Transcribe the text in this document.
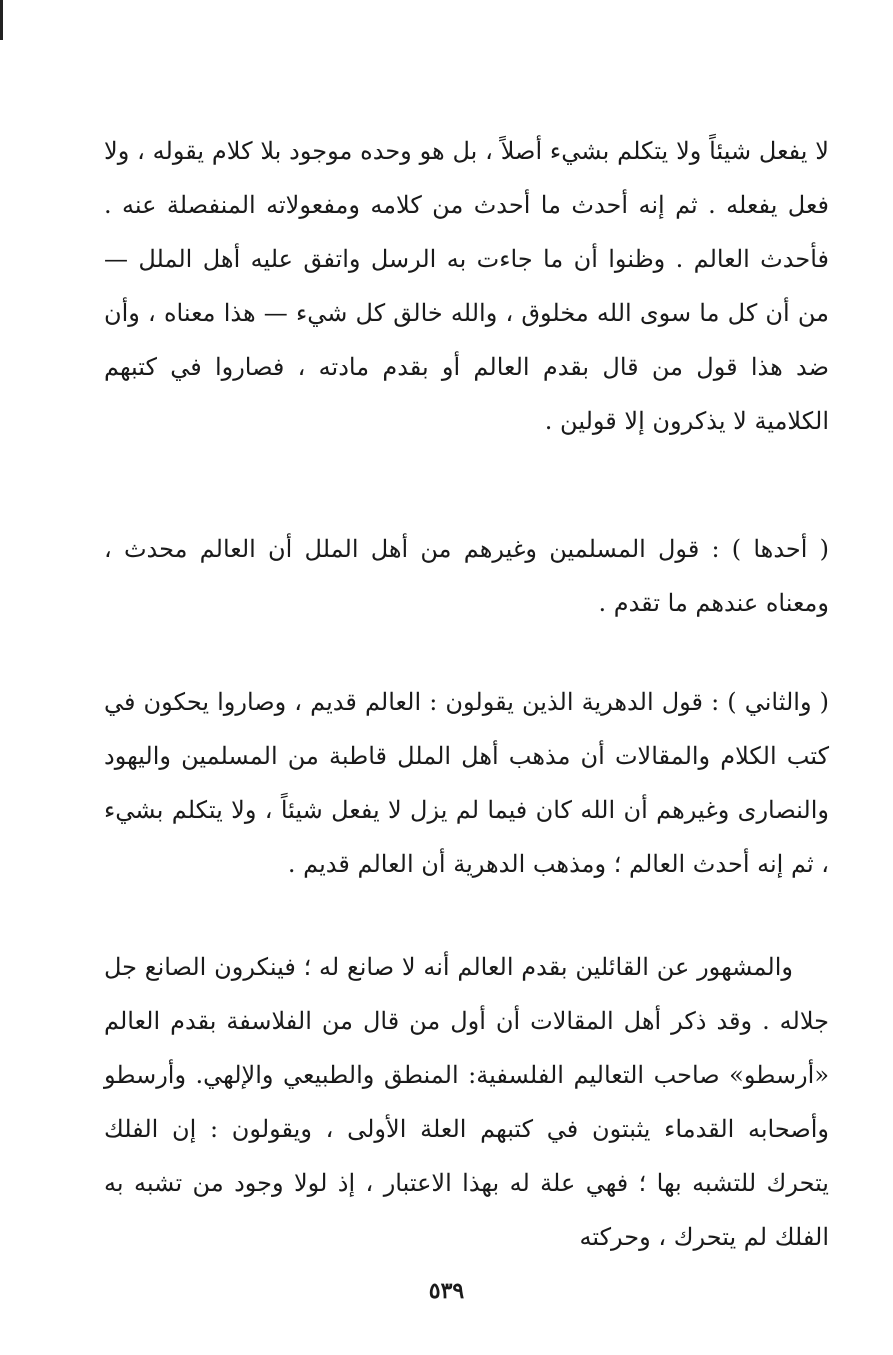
لا يفعل شيئاً ولا يتكلم بشيء أصلاً ، بل هو وحده موجود بلا كلام يقوله ، ولا فعل يفعله . ثم إنه أحدث ما أحدث من كلامه ومفعولاته المنفصلة عنه . فأحدث العالم . وظنوا أن ما جاءت به الرسل واتفق عليه أهل الملل — من أن كل ما سوى الله مخلوق ، والله خالق كل شيء — هذا معناه ، وأن ضد هذا قول من قال بقدم العالم أو بقدم مادته ، فصاروا في كتبهم الكلامية لا يذكرون إلا قولين .

( أحدها ) : قول المسلمين وغيرهم من أهل الملل أن العالم محدث ، ومعناه عندهم ما تقدم .

( والثاني ) : قول الدهرية الذين يقولون : العالم قديم ، وصاروا يحكون في كتب الكلام والمقالات أن مذهب أهل الملل قاطبة من المسلمين واليهود والنصارى وغيرهم أن الله كان فيما لم يزل لا يفعل شيئاً ، ولا يتكلم بشيء ، ثم إنه أحدث العالم ؛ ومذهب الدهرية أن العالم قديم .

والمشهور عن القائلين بقدم العالم أنه لا صانع له ؛ فينكرون الصانع جل جلاله . وقد ذكر أهل المقالات أن أول من قال من الفلاسفة بقدم العالم «أرسطو» صاحب التعاليم الفلسفية: المنطق والطبيعي والإلهي. وأرسطو وأصحابه القدماء يثبتون في كتبهم العلة الأولى ، ويقولون : إن الفلك يتحرك للتشبه بها ؛ فهي علة له بهذا الاعتبار ، إذ لولا وجود من تشبه به الفلك لم يتحرك ، وحركته

٥٣٩
